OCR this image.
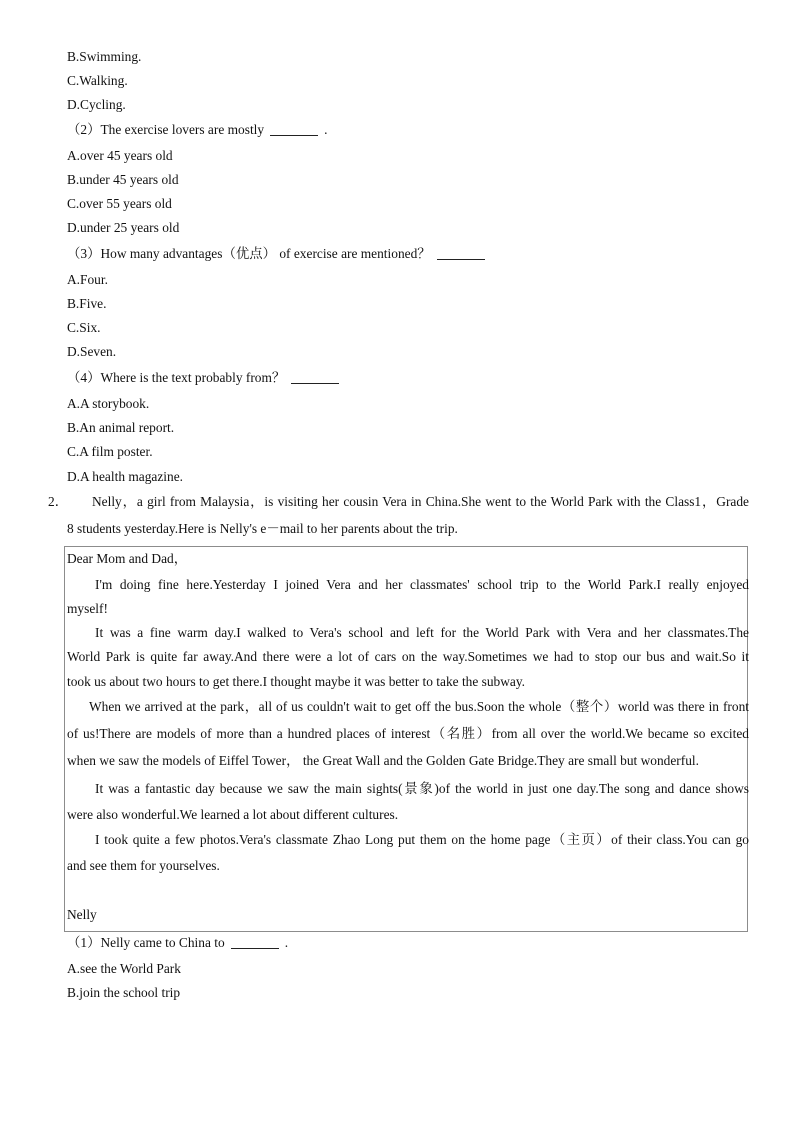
B.Swimming.
C.Walking.
D.Cycling.
（2）The exercise lovers are mostly	.
A.over 45 years old
B.under 45 years old
C.over 55 years old
D.under 25 years old
（3）How many advantages（优点） of exercise are mentioned？
A.Four.
B.Five.
C.Six.
D.Seven.
（4）Where is the text probably from？
A.A storybook.
B.An animal report.
C.A film poster.
D.A health magazine.
2． Nelly，a girl from Malaysia，is visiting her cousin Vera in China.She went to the World Park with the Class1，Grade
8 students yesterday.Here is Nelly's e－mail to her parents about the trip.
Dear Mom and Dad，
I'm doing fine here.Yesterday I joined Vera and her classmates' school trip to the World Park.I really enjoyed
myself!
It was a fine warm day.I walked to Vera's school and left for the World Park with Vera and her classmates.The
World Park is quite far away.And there were a lot of cars on the way.Sometimes we had to stop our bus and wait.So it
took us about two hours to get there.I thought maybe it was better to take the subway.
When we arrived at the park，all of us couldn't wait to get off the bus.Soon the whole（整个）world was there in front
of us!There are models of more than a hundred places of interest（名胜）from all over the world.We became so excited
when we saw the models of Eiffel Tower， the Great Wall and the Golden Gate Bridge.They are small but wonderful.
It was a fantastic day because we saw the main sights(景象)of the world in just one day.The song and dance shows
were also wonderful.We learned a lot about different cultures.
I took quite a few photos.Vera's classmate Zhao Long put them on the home page（主页）of their class.You can go
and see them for yourselves.
Nelly
（1）Nelly came to China to	.
A.see the World Park
B.join the school trip
